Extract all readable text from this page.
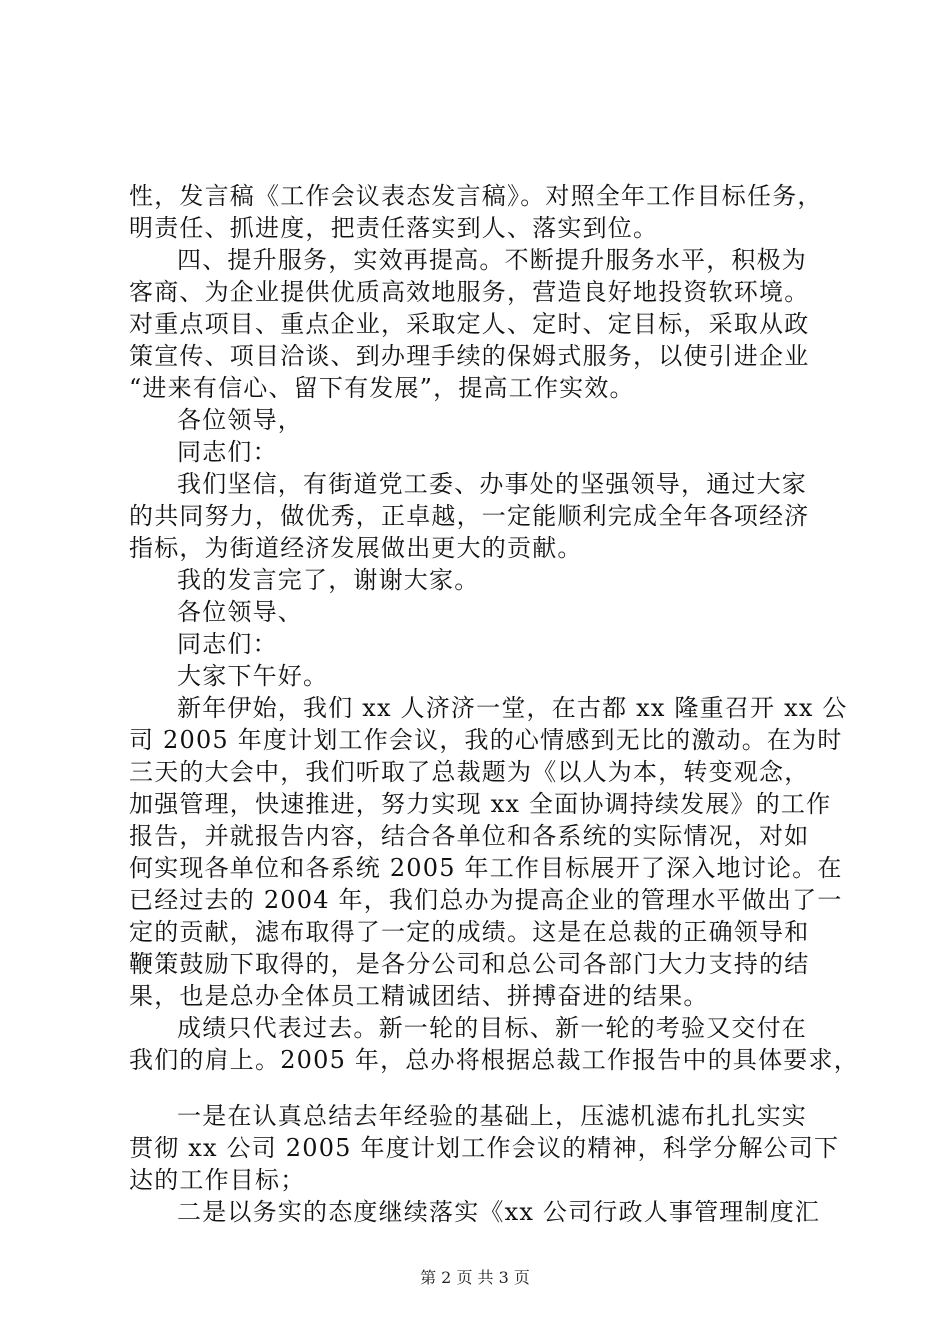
性，发言稿《工作会议表态发言稿》。对照全年工作目标任务，
明责任、抓进度，把责任落实到人、落实到位。
四、提升服务，实效再提高。不断提升服务水平，积极为
客商、为企业提供优质高效地服务，营造良好地投资软环境。
对重点项目、重点企业，采取定人、定时、定目标，采取从政
策宣传、项目洽谈、到办理手续的保姆式服务，以使引进企业
“进来有信心、留下有发展”，提高工作实效。
各位领导，
同志们：
我们坚信，有街道党工委、办事处的坚强领导，通过大家
的共同努力，做优秀，正卓越，一定能顺利完成全年各项经济
指标，为街道经济发展做出更大的贡献。
我的发言完了，谢谢大家。
各位领导、
同志们：
大家下午好。
新年伊始，我们 xx 人济济一堂，在古都 xx 隆重召开 xx 公
司 2005 年度计划工作会议，我的心情感到无比的激动。在为时
三天的大会中，我们听取了总裁题为《以人为本，转变观念，
加强管理，快速推进，努力实现 xx 全面协调持续发展》的工作
报告，并就报告内容，结合各单位和各系统的实际情况，对如
何实现各单位和各系统 2005 年工作目标展开了深入地讨论。在
已经过去的 2004 年，我们总办为提高企业的管理水平做出了一
定的贡献，滤布取得了一定的成绩。这是在总裁的正确领导和
鞭策鼓励下取得的，是各分公司和总公司各部门大力支持的结
果，也是总办全体员工精诚团结、拼搏奋进的结果。
成绩只代表过去。新一轮的目标、新一轮的考验又交付在
我们的肩上。2005 年，总办将根据总裁工作报告中的具体要求，
一是在认真总结去年经验的基础上，压滤机滤布扎扎实实
贯彻 xx 公司 2005 年度计划工作会议的精神，科学分解公司下
达的工作目标；
二是以务实的态度继续落实《xx 公司行政人事管理制度汇
第 2 页 共 3 页
